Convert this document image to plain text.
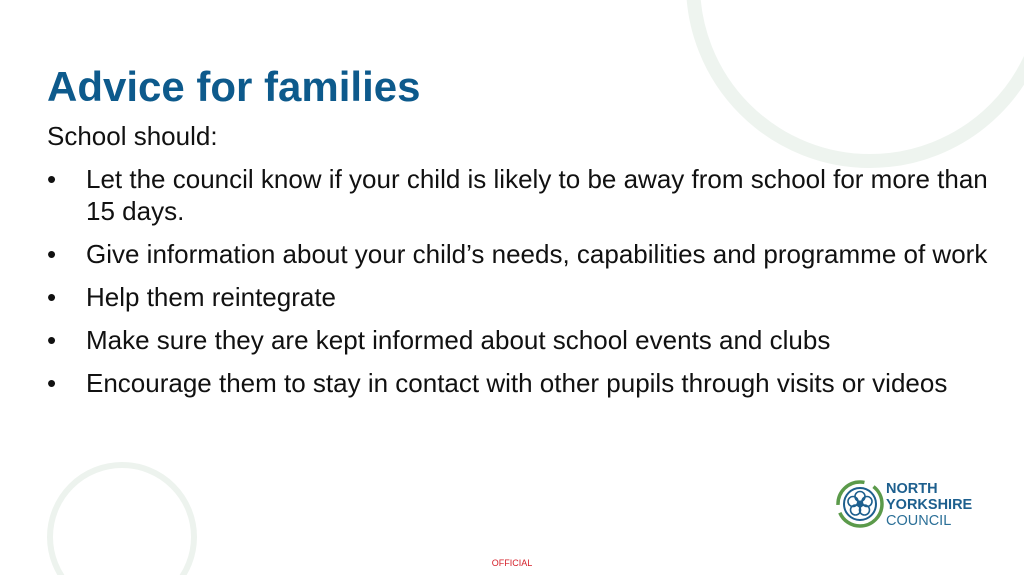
Advice for families
School should:
•	Let the council know if your child is likely to be away from school for more than 15 days.
•	Give information about your child’s needs, capabilities and programme of work
•	Help them reintegrate
•	Make sure they are kept informed about school events and clubs
•	Encourage them to stay in contact with other pupils through visits or videos
NORTH
YORKSHIRE
COUNCIL
OFFICIAL
